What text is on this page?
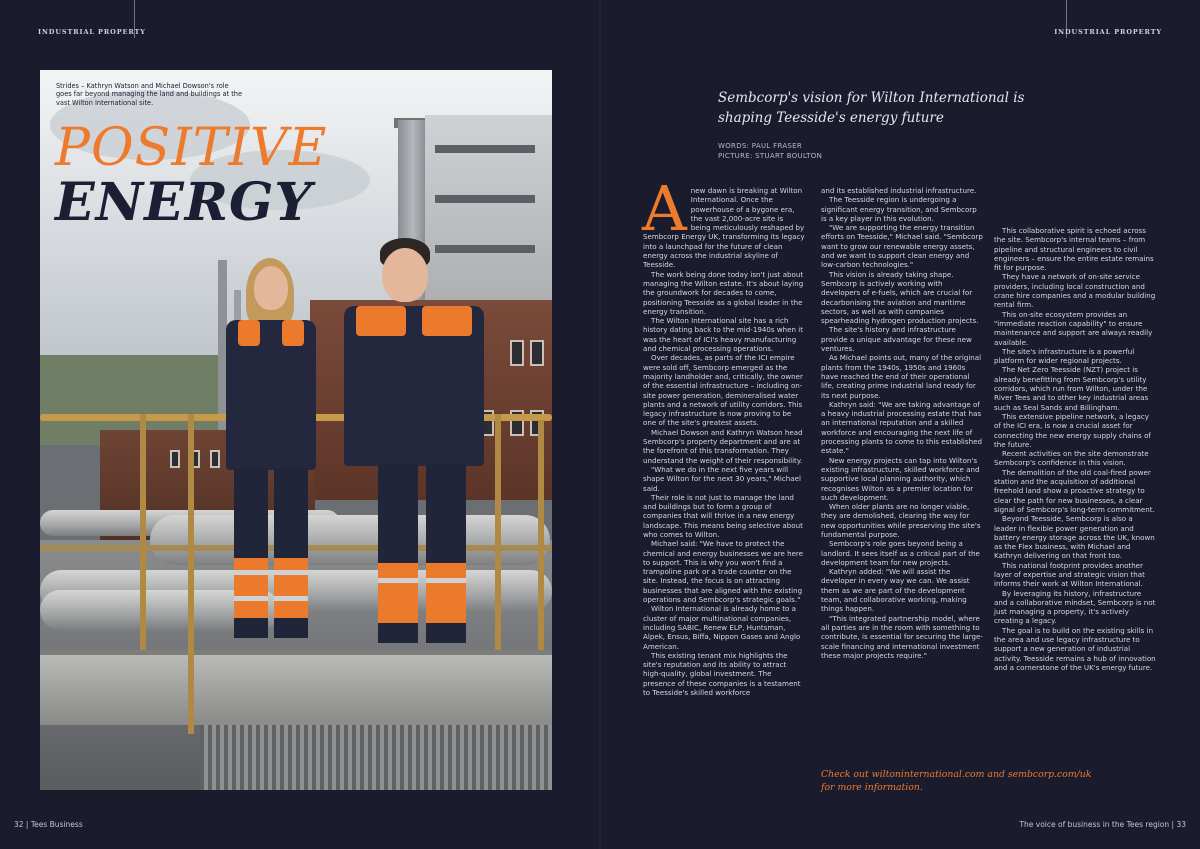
INDUSTRIAL PROPERTY
Strides – Kathryn Watson and Michael Dowson's role goes far beyond managing the land and buildings at the vast Wilton International site.
POSITIVE
ENERGY
32 | Tees Business
INDUSTRIAL PROPERTY
Sembcorp's vision for Wilton International is shaping Teesside's energy future
WORDS: PAUL FRASER
PICTURE: STUART BOULTON

Anew dawn is breaking at Wilton International. Once the powerhouse of a bygone era, the vast 2,000-acre site is being meticulously reshaped by Sembcorp Energy UK, transforming its legacy into a launchpad for the future of clean energy across the industrial skyline of Teesside.

The work being done today isn't just about managing the Wilton estate. It's about laying the groundwork for decades to come, positioning Teesside as a global leader in the energy transition.

The Wilton International site has a rich history dating back to the mid-1940s when it was the heart of ICI's heavy manufacturing and chemical processing operations.

Over decades, as parts of the ICI empire were sold off, Sembcorp emerged as the majority landholder and, critically, the owner of the essential infrastructure – including on-site power generation, demineralised water plants and a network of utility corridors. This legacy infrastructure is now proving to be one of the site's greatest assets.

Michael Dowson and Kathryn Watson head Sembcorp's property department and are at the forefront of this transformation. They understand the weight of their responsibility.

"What we do in the next five years will shape Wilton for the next 30 years," Michael said.

Their role is not just to manage the land and buildings but to form a group of companies that will thrive in a new energy landscape. This means being selective about who comes to Wilton.

Michael said: "We have to protect the chemical and energy businesses we are here to support. This is why you won't find a trampoline park or a trade counter on the site. Instead, the focus is on attracting businesses that are aligned with the existing operations and Sembcorp's strategic goals."

Wilton International is already home to a cluster of major multinational companies, including SABIC, Renew ELP, Huntsman, Alpek, Ensus, Biffa, Nippon Gases and Anglo American.

This existing tenant mix highlights the site's reputation and its ability to attract high-quality, global investment. The presence of these companies is a testament to Teesside's skilled workforce

and its established industrial infrastructure.

The Teesside region is undergoing a significant energy transition, and Sembcorp is a key player in this evolution.

"We are supporting the energy transition efforts on Teesside," Michael said. "Sembcorp want to grow our renewable energy assets, and we want to support clean energy and low-carbon technologies."

This vision is already taking shape. Sembcorp is actively working with developers of e-fuels, which are crucial for decarbonising the aviation and maritime sectors, as well as with companies spearheading hydrogen production projects.

The site's history and infrastructure provide a unique advantage for these new ventures.

As Michael points out, many of the original plants from the 1940s, 1950s and 1960s have reached the end of their operational life, creating prime industrial land ready for its next purpose.

Kathryn said: "We are taking advantage of a heavy industrial processing estate that has an international reputation and a skilled workforce and encouraging the next life of processing plants to come to this established estate."

New energy projects can tap into Wilton's existing infrastructure, skilled workforce and supportive local planning authority, which recognises Wilton as a premier location for such development.

When older plants are no longer viable, they are demolished, clearing the way for new opportunities while preserving the site's fundamental purpose.

Sembcorp's role goes beyond being a landlord. It sees itself as a critical part of the development team for new projects.

Kathryn added: "We will assist the developer in every way we can. We assist them as we are part of the development team, and collaborative working, making things happen.

"This integrated partnership model, where all parties are in the room with something to contribute, is essential for securing the large-scale financing and international investment these major projects require."

This collaborative spirit is echoed across the site. Sembcorp's internal teams – from pipeline and structural engineers to civil engineers – ensure the entire estate remains fit for purpose.

They have a network of on-site service providers, including local construction and crane hire companies and a modular building rental firm.

This on-site ecosystem provides an "immediate reaction capability" to ensure maintenance and support are always readily available.

The site's infrastructure is a powerful platform for wider regional projects.

The Net Zero Teesside (NZT) project is already benefitting from Sembcorp's utility corridors, which run from Wilton, under the River Tees and to other key industrial areas such as Seal Sands and Billingham.

This extensive pipeline network, a legacy of the ICI era, is now a crucial asset for connecting the new energy supply chains of the future.

Recent activities on the site demonstrate Sembcorp's confidence in this vision.

The demolition of the old coal-fired power station and the acquisition of additional freehold land show a proactive strategy to clear the path for new businesses, a clear signal of Sembcorp's long-term commitment.

Beyond Teesside, Sembcorp is also a leader in flexible power generation and battery energy storage across the UK, known as the Flex business, with Michael and Kathryn delivering on that front too.

This national footprint provides another layer of expertise and strategic vision that informs their work at Wilton International.

By leveraging its history, infrastructure and a collaborative mindset, Sembcorp is not just managing a property, it's actively creating a legacy.

The goal is to build on the existing skills in the area and use legacy infrastructure to support a new generation of industrial activity. Teesside remains a hub of innovation and a cornerstone of the UK's energy future.

Check out wiltoninternational.com and sembcorp.com/uk for more information.
The voice of business in the Tees region | 33
